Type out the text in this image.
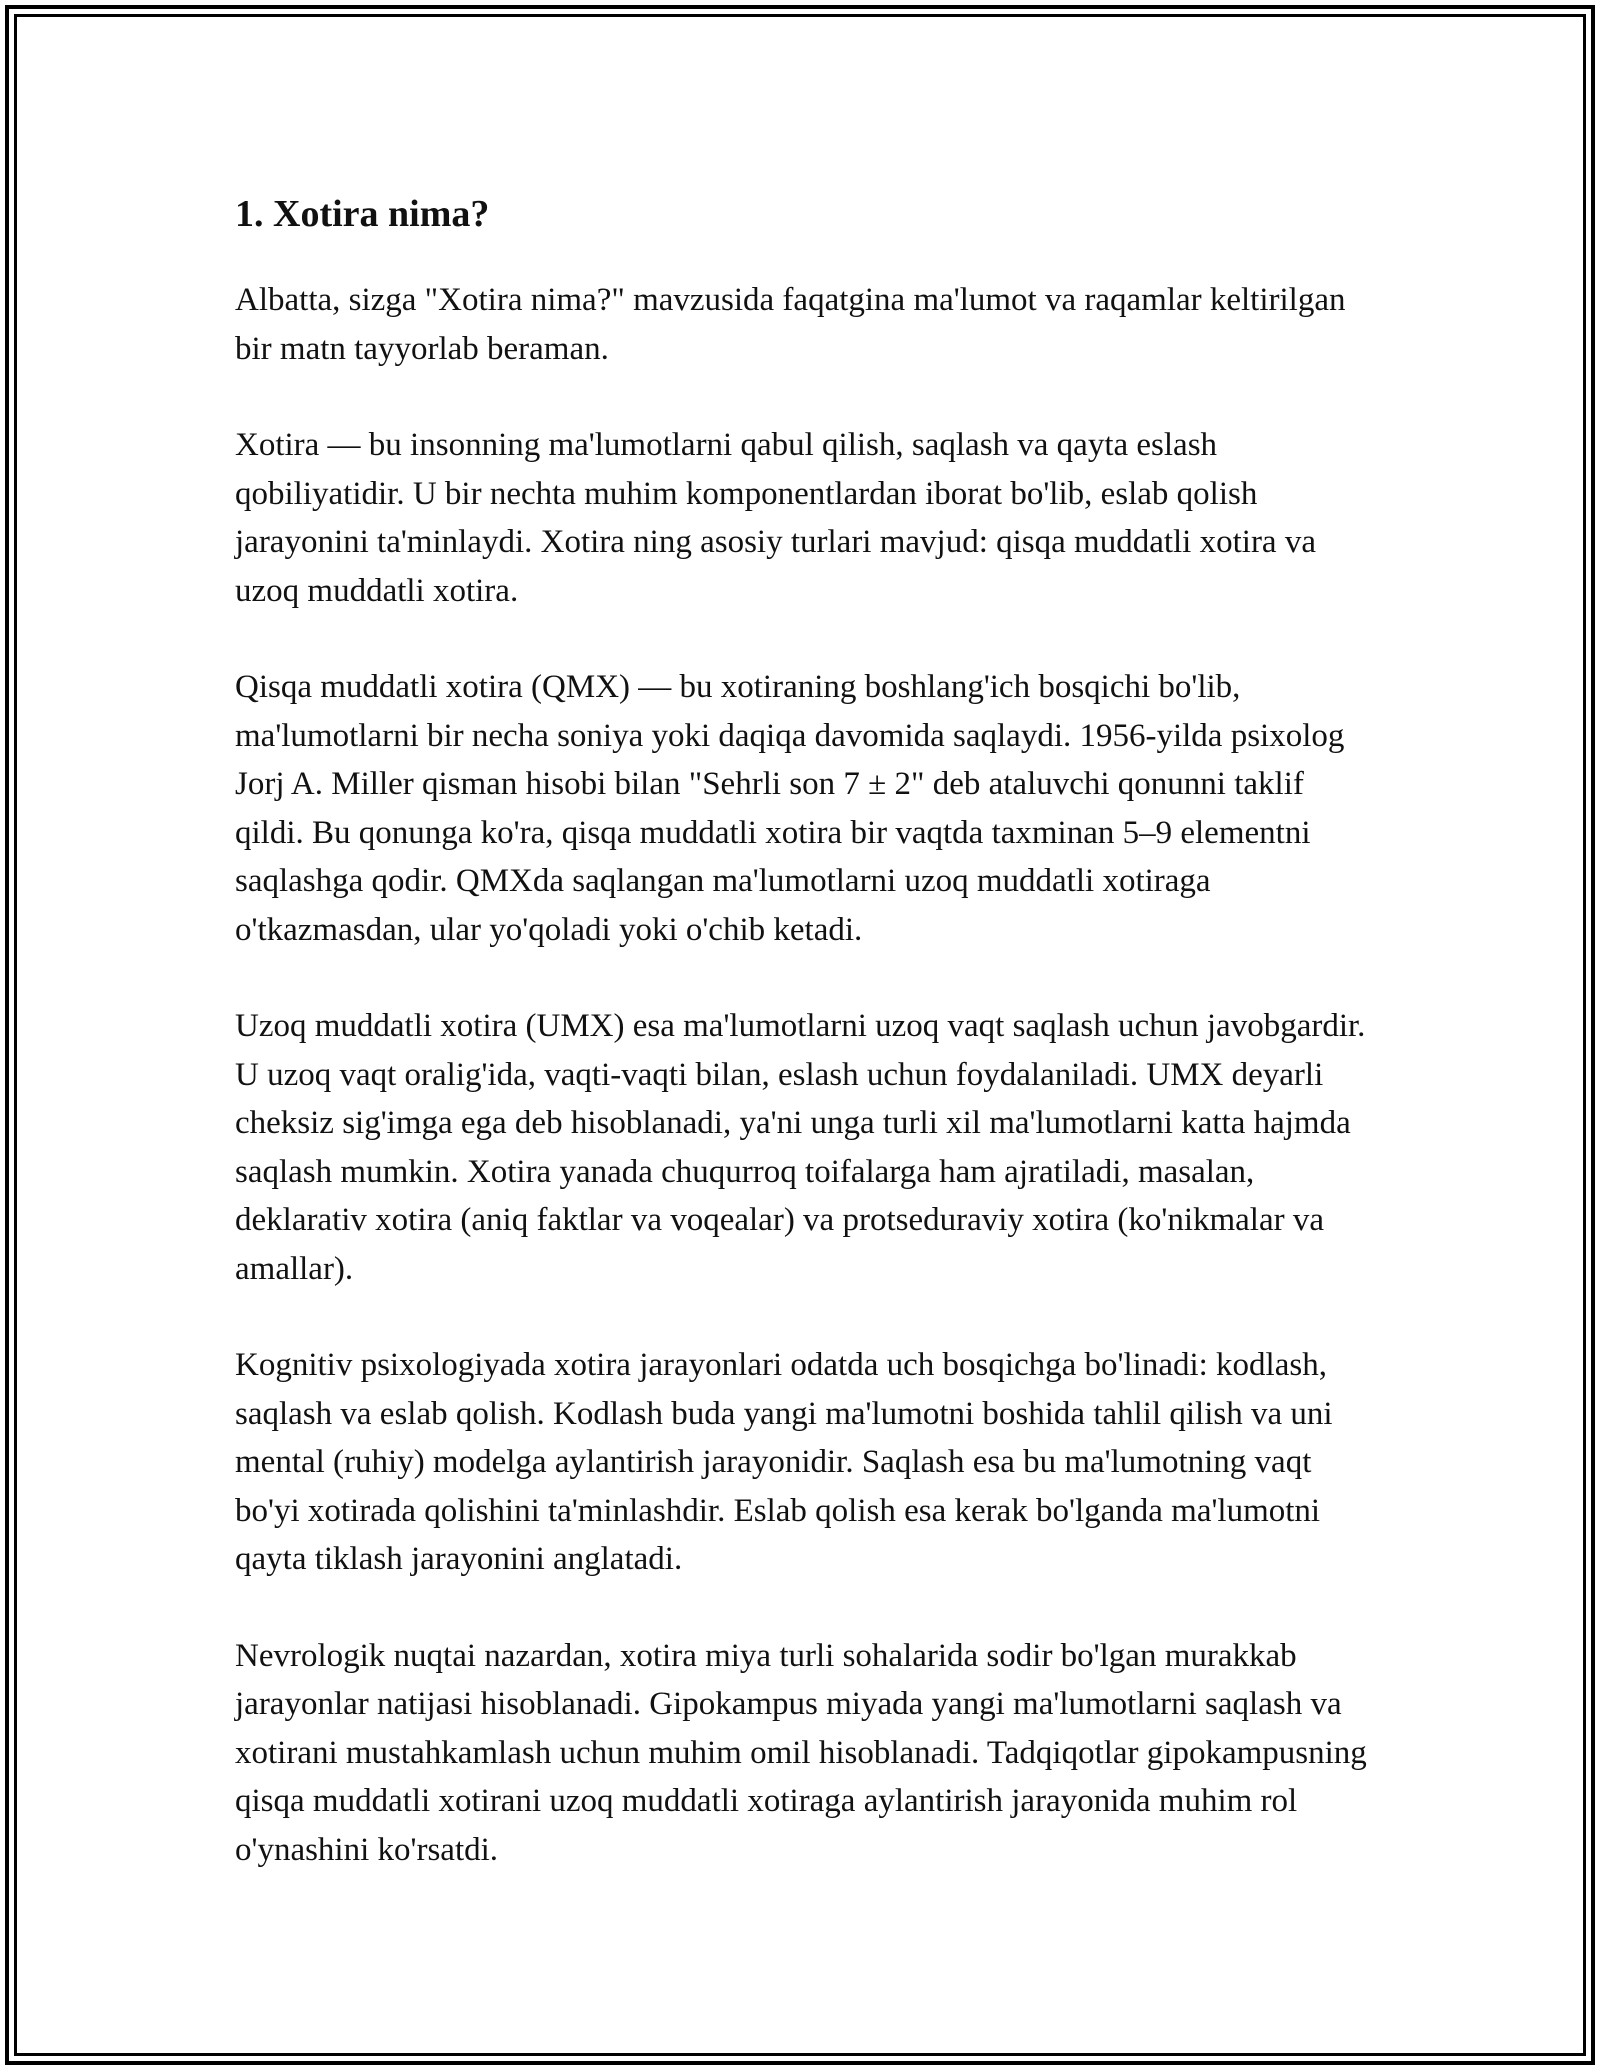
1. Xotira nima?

Albatta, sizga "Xotira nima?" mavzusida faqatgina ma'lumot va raqamlar keltirilgan bir matn tayyorlab beraman.

Xotira — bu insonning ma'lumotlarni qabul qilish, saqlash va qayta eslash qobiliyatidir. U bir nechta muhim komponentlardan iborat bo'lib, eslab qolish jarayonini ta'minlaydi. Xotira ning asosiy turlari mavjud: qisqa muddatli xotira va uzoq muddatli xotira.

Qisqa muddatli xotira (QMX) — bu xotiraning boshlang'ich bosqichi bo'lib, ma'lumotlarni bir necha soniya yoki daqiqa davomida saqlaydi. 1956-yilda psixolog Jorj A. Miller qisman hisobi bilan "Sehrli son 7 ± 2" deb ataluvchi qonunni taklif qildi. Bu qonunga ko'ra, qisqa muddatli xotira bir vaqtda taxminan 5–9 elementni saqlashga qodir. QMXda saqlangan ma'lumotlarni uzoq muddatli xotiraga o'tkazmasdan, ular yo'qoladi yoki o'chib ketadi.

Uzoq muddatli xotira (UMX) esa ma'lumotlarni uzoq vaqt saqlash uchun javobgardir. U uzoq vaqt oralig'ida, vaqti-vaqti bilan, eslash uchun foydalaniladi. UMX deyarli cheksiz sig'imga ega deb hisoblanadi, ya'ni unga turli xil ma'lumotlarni katta hajmda saqlash mumkin. Xotira yanada chuqurroq toifalarga ham ajratiladi, masalan, deklarativ xotira (aniq faktlar va voqealar) va protseduraviy xotira (ko'nikmalar va amallar).

Kognitiv psixologiyada xotira jarayonlari odatda uch bosqichga bo'linadi: kodlash, saqlash va eslab qolish. Kodlash buda yangi ma'lumotni boshida tahlil qilish va uni mental (ruhiy) modelga aylantirish jarayonidir. Saqlash esa bu ma'lumotning vaqt bo'yi xotirada qolishini ta'minlashdir. Eslab qolish esa kerak bo'lganda ma'lumotni qayta tiklash jarayonini anglatadi.

Nevrologik nuqtai nazardan, xotira miya turli sohalarida sodir bo'lgan murakkab jarayonlar natijasi hisoblanadi. Gipokampus miyada yangi ma'lumotlarni saqlash va xotirani mustahkamlash uchun muhim omil hisoblanadi. Tadqiqotlar gipokampusning qisqa muddatli xotirani uzoq muddatli xotiraga aylantirish jarayonida muhim rol o'ynashini ko'rsatdi.
